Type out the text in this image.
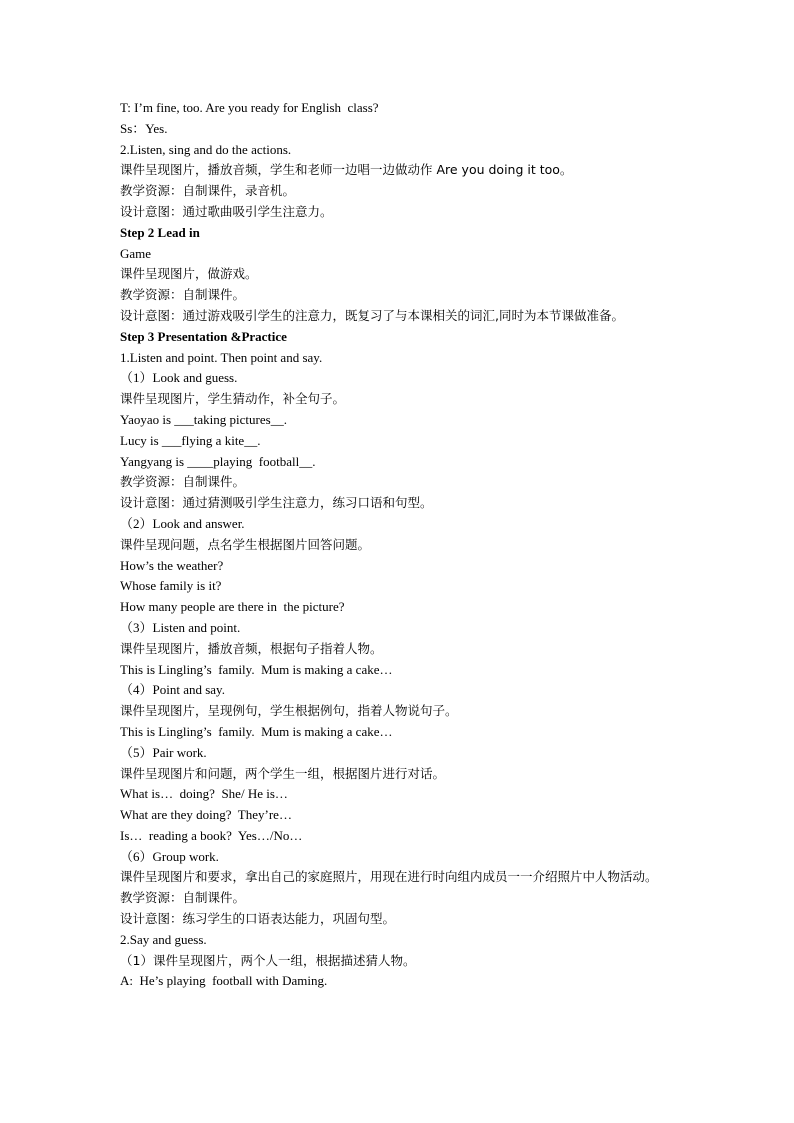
T: I’m fine, too. Are you ready for English  class?
Ss：Yes.
2.Listen, sing and do the actions.
课件呈现图片，播放音频，学生和老师一边唱一边做动作 Are you doing it too。
教学资源：自制课件，录音机。
设计意图：通过歌曲吸引学生注意力。
Step 2 Lead in
Game
课件呈现图片，做游戏。
教学资源：自制课件。
设计意图：通过游戏吸引学生的注意力，既复习了与本课相关的词汇,同时为本节课做准备。
Step 3 Presentation &Practice
1.Listen and point. Then point and say.
（1）Look and guess.
课件呈现图片，学生猜动作，补全句子。
Yaoyao is ___taking pictures__.
Lucy is ___flying a kite__.
Yangyang is ____playing  football__.
教学资源：自制课件。
设计意图：通过猜测吸引学生注意力，练习口语和句型。
（2）Look and answer.
课件呈现问题，点名学生根据图片回答问题。
How’s the weather?
Whose family is it?
How many people are there in  the picture?
（3）Listen and point.
课件呈现图片，播放音频，根据句子指着人物。
This is Lingling’s  family.  Mum is making a cake…
（4）Point and say.
课件呈现图片，呈现例句，学生根据例句，指着人物说句子。
This is Lingling’s  family.  Mum is making a cake…
（5）Pair work.
课件呈现图片和问题，两个学生一组，根据图片进行对话。
What is…  doing?  She/ He is…
What are they doing?  They’re…
Is…  reading a book?  Yes…/No…
（6）Group work.
课件呈现图片和要求，拿出自己的家庭照片，用现在进行时向组内成员一一介绍照片中人物活动。
教学资源：自制课件。
设计意图：练习学生的口语表达能力，巩固句型。
2.Say and guess.
（1）课件呈现图片，两个人一组，根据描述猜人物。
A:  He’s playing  football with Daming.
